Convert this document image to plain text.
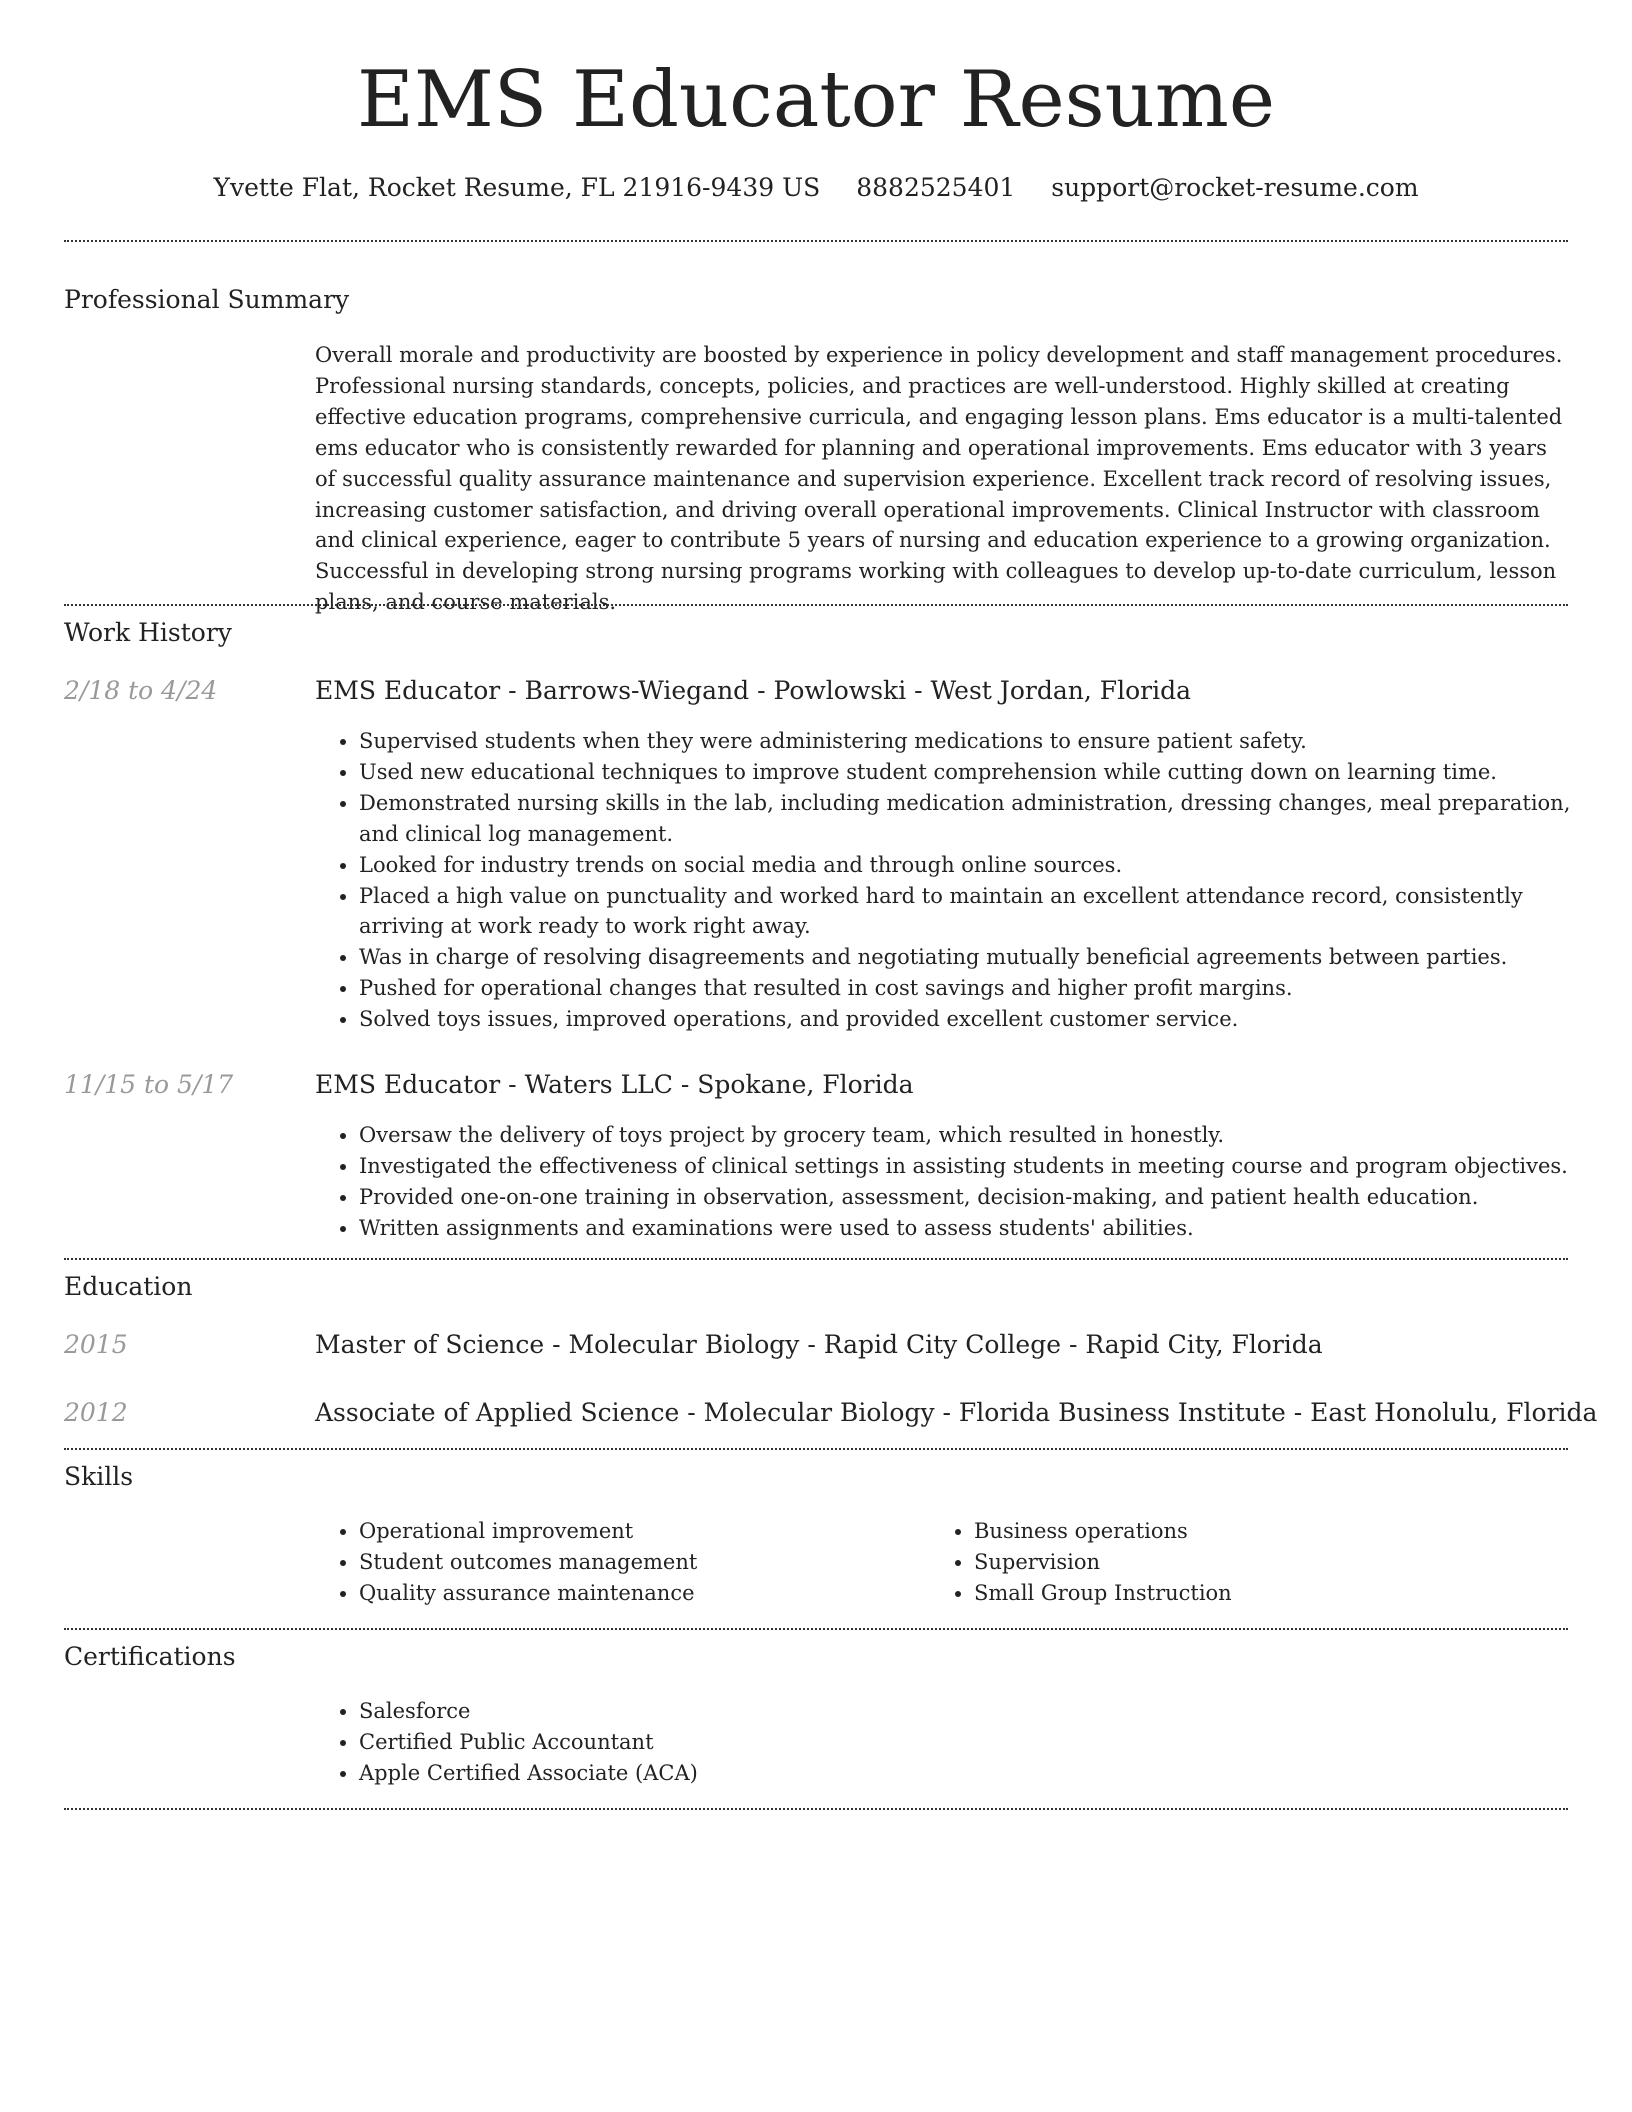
EMS Educator Resume
Yvette Flat, Rocket Resume, FL 21916-9439 US 8882525401 support@rocket-resume.com
Professional Summary

Overall morale and productivity are boosted by experience in policy development and staff management procedures. Professional nursing standards, concepts, policies, and practices are well-understood. Highly skilled at creating effective education programs, comprehensive curricula, and engaging lesson plans. Ems educator is a multi-talented ems educator who is consistently rewarded for planning and operational improvements. Ems educator with 3 years of successful quality assurance maintenance and supervision experience. Excellent track record of resolving issues, increasing customer satisfaction, and driving overall operational improvements. Clinical Instructor with classroom and clinical experience, eager to contribute 5 years of nursing and education experience to a growing organization. Successful in developing strong nursing programs working with colleagues to develop up-to-date curriculum, lesson plans, and course materials.

Work History
2/18 to 4/24	EMS Educator - Barrows-Wiegand - Powlowski - West Jordan, Florida
• Supervised students when they were administering medications to ensure patient safety.
• Used new educational techniques to improve student comprehension while cutting down on learning time.
• Demonstrated nursing skills in the lab, including medication administration, dressing changes, meal preparation, and clinical log management.
• Looked for industry trends on social media and through online sources.
• Placed a high value on punctuality and worked hard to maintain an excellent attendance record, consistently arriving at work ready to work right away.
• Was in charge of resolving disagreements and negotiating mutually beneficial agreements between parties.
• Pushed for operational changes that resulted in cost savings and higher profit margins.
• Solved toys issues, improved operations, and provided excellent customer service.
11/15 to 5/17	EMS Educator - Waters LLC - Spokane, Florida
• Oversaw the delivery of toys project by grocery team, which resulted in honestly.
• Investigated the effectiveness of clinical settings in assisting students in meeting course and program objectives.
• Provided one-on-one training in observation, assessment, decision-making, and patient health education.
• Written assignments and examinations were used to assess students' abilities.
Education
2015	Master of Science - Molecular Biology - Rapid City College - Rapid City, Florida
2012	Associate of Applied Science - Molecular Biology - Florida Business Institute - East Honolulu, Florida
Skills
• Operational improvement
• Student outcomes management
• Quality assurance maintenance
• Business operations
• Supervision
• Small Group Instruction
Certifications
• Salesforce
• Certified Public Accountant
• Apple Certified Associate (ACA)
